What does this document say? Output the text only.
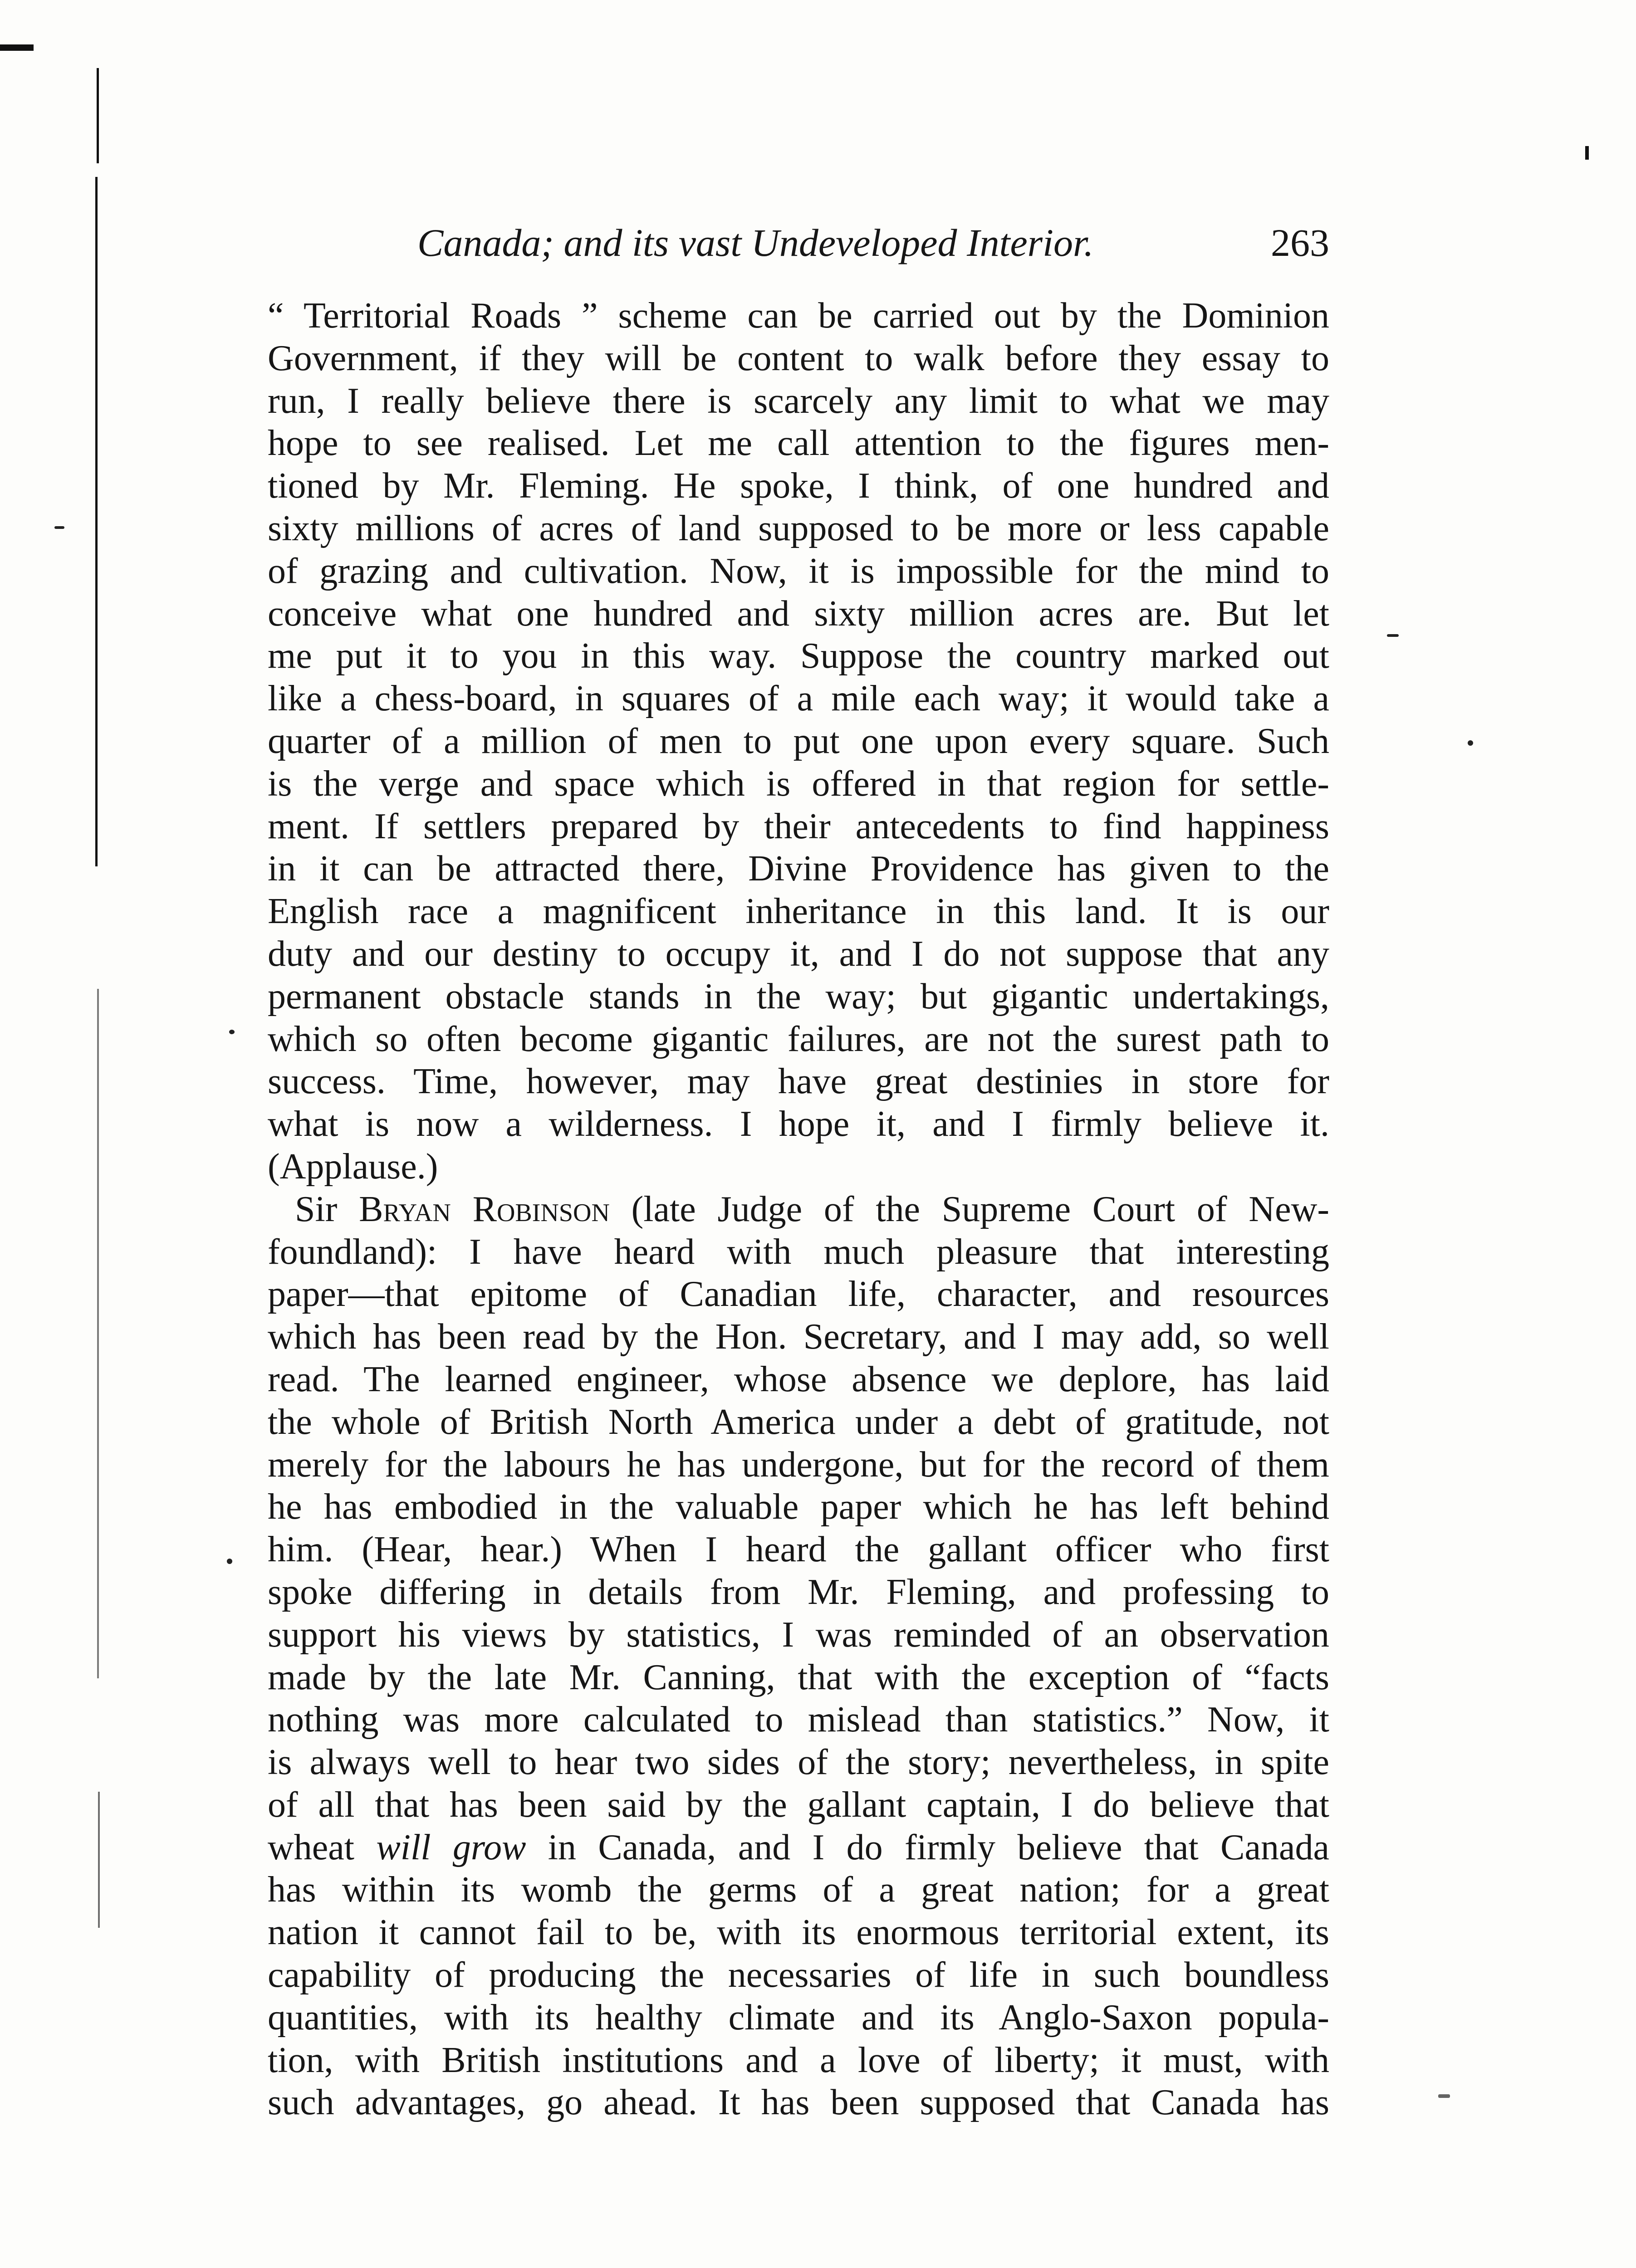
Canada; and its vast Undeveloped Interior.	263
“ Territorial Roads ” scheme can be carried out by the Dominion
Government, if they will be content to walk before they essay to
run, I really believe there is scarcely any limit to what we may
hope to see realised. Let me call attention to the figures men-
tioned by Mr. Fleming. He spoke, I think, of one hundred and
sixty millions of acres of land supposed to be more or less capable
of grazing and cultivation. Now, it is impossible for the mind to
conceive what one hundred and sixty million acres are. But let
me put it to you in this way. Suppose the country marked out
like a chess-board, in squares of a mile each way; it would take a
quarter of a million of men to put one upon every square. Such
is the verge and space which is offered in that region for settle-
ment. If settlers prepared by their antecedents to find happiness
in it can be attracted there, Divine Providence has given to the
English race a magnificent inheritance in this land. It is our
duty and our destiny to occupy it, and I do not suppose that any
permanent obstacle stands in the way; but gigantic undertakings,
which so often become gigantic failures, are not the surest path to
success. Time, however, may have great destinies in store for
what is now a wilderness. I hope it, and I firmly believe it.
(Applause.)
Sir Bryan Robinson (late Judge of the Supreme Court of New-
foundland): I have heard with much pleasure that interesting
paper—that epitome of Canadian life, character, and resources
which has been read by the Hon. Secretary, and I may add, so well
read. The learned engineer, whose absence we deplore, has laid
the whole of British North America under a debt of gratitude, not
merely for the labours he has undergone, but for the record of them
he has embodied in the valuable paper which he has left behind
him. (Hear, hear.) When I heard the gallant officer who first
spoke differing in details from Mr. Fleming, and professing to
support his views by statistics, I was reminded of an observation
made by the late Mr. Canning, that with the exception of “facts
nothing was more calculated to mislead than statistics.” Now, it
is always well to hear two sides of the story; nevertheless, in spite
of all that has been said by the gallant captain, I do believe that
wheat will grow in Canada, and I do firmly believe that Canada
has within its womb the germs of a great nation; for a great
nation it cannot fail to be, with its enormous territorial extent, its
capability of producing the necessaries of life in such boundless
quantities, with its healthy climate and its Anglo-Saxon popula-
tion, with British institutions and a love of liberty; it must, with
such advantages, go ahead. It has been supposed that Canada has
